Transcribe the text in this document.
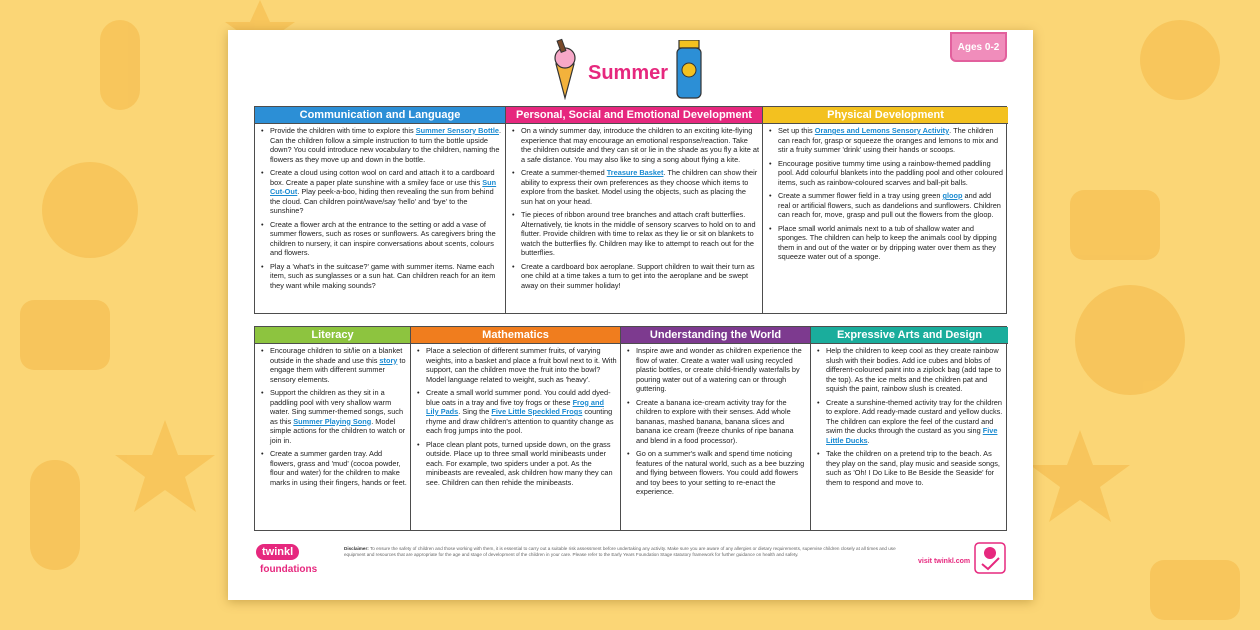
Ages 0-2
Summer
Communication and Language
• Provide the children with time to explore this Summer Sensory Bottle. Can the children follow a simple instruction to turn the bottle upside down? You could introduce new vocabulary to the children, naming the flowers as they move up and down in the bottle.
• Create a cloud using cotton wool on card and attach it to a cardboard box. Create a paper plate sunshine with a smiley face or use this Sun Cut-Out. Play peek-a-boo, hiding then revealing the sun from behind the cloud. Can children point/wave/say 'hello' and 'bye' to the sunshine?
• Create a flower arch at the entrance to the setting or add a vase of summer flowers, such as roses or sunflowers. As caregivers bring the children to nursery, it can inspire conversations about scents, colours and flowers.
• Play a 'what's in the suitcase?' game with summer items. Name each item, such as sunglasses or a sun hat. Can children reach for an item they want while making sounds?
Personal, Social and Emotional Development
• On a windy summer day, introduce the children to an exciting kite-flying experience that may encourage an emotional response/reaction. Take the children outside and they can sit or lie in the shade as you fly a kite at a safe distance. You may also like to sing a song about flying a kite.
• Create a summer-themed Treasure Basket. The children can show their ability to express their own preferences as they choose which items to explore from the basket. Model using the objects, such as placing the sun hat on your head.
• Tie pieces of ribbon around tree branches and attach craft butterflies. Alternatively, tie knots in the middle of sensory scarves to hold on to and flutter. Provide children with time to relax as they lie or sit on blankets to watch the butterflies fly. Children may like to attempt to reach out for the butterflies.
• Create a cardboard box aeroplane. Support children to wait their turn as one child at a time takes a turn to get into the aeroplane and be swept away on their summer holiday!
Physical Development
• Set up this Oranges and Lemons Sensory Activity. The children can reach for, grasp or squeeze the oranges and lemons to mix and stir a fruity summer 'drink' using their hands or scoops.
• Encourage positive tummy time using a rainbow-themed paddling pool. Add colourful blankets into the paddling pool and other coloured items, such as rainbow-coloured scarves and ball-pit balls.
• Create a summer flower field in a tray using green gloop and add real or artificial flowers, such as dandelions and sunflowers. Children can reach for, move, grasp and pull out the flowers from the gloop.
• Place small world animals next to a tub of shallow water and sponges. The children can help to keep the animals cool by dipping them in and out of the water or by dripping water over them as they squeeze water out of a sponge.
Literacy
• Encourage children to sit/lie on a blanket outside in the shade and use this story to engage them with different summer sensory elements.
• Support the children as they sit in a paddling pool with very shallow warm water. Sing summer-themed songs, such as this Summer Playing Song. Model simple actions for the children to watch or join in.
• Create a summer garden tray. Add flowers, grass and 'mud' (cocoa powder, flour and water) for the children to make marks in using their fingers, hands or feet.
Mathematics
• Place a selection of different summer fruits, of varying weights, into a basket and place a fruit bowl next to it. With support, can the children move the fruit into the bowl? Model language related to weight, such as 'heavy'.
• Create a small world summer pond. You could add dyed-blue oats in a tray and five toy frogs or these Frog and Lily Pads. Sing the Five Little Speckled Frogs counting rhyme and draw children's attention to quantity change as each frog jumps into the pool.
• Place clean plant pots, turned upside down, on the grass outside. Place up to three small world minibeasts under each. For example, two spiders under a pot. As the minibeasts are revealed, ask children how many they can see. Children can then rehide the minibeasts.
Understanding the World
• Inspire awe and wonder as children experience the flow of water. Create a water wall using recycled plastic bottles, or create child-friendly waterfalls by pouring water out of a watering can or through guttering.
• Create a banana ice-cream activity tray for the children to explore with their senses. Add whole bananas, mashed banana, banana slices and banana ice cream (freeze chunks of ripe banana and blend in a food processor).
• Go on a summer's walk and spend time noticing features of the natural world, such as a bee buzzing and flying between flowers. You could add flowers and toy bees to your setting to re-enact the experience.
Expressive Arts and Design
• Help the children to keep cool as they create rainbow slush with their bodies. Add ice cubes and blobs of different-coloured paint into a ziplock bag (add tape to the top). As the ice melts and the children pat and squish the paint, rainbow slush is created.
• Create a sunshine-themed activity tray for the children to explore. Add ready-made custard and yellow ducks. The children can explore the feel of the custard and swim the ducks through the custard as you sing Five Little Ducks.
• Take the children on a pretend trip to the beach. As they play on the sand, play music and seaside songs, such as 'Oh! I Do Like to Be Beside the Seaside' for them to respond and move to.
twinkl
foundations
Disclaimer: To ensure the safety of children and those working with them, it is essential to carry out a suitable risk assessment before undertaking any activity. Make sure you are aware of any allergies or dietary requirements, supervise children closely at all times and use equipment and resources that are appropriate for the age and stage of development of the children in your care. Please refer to the Early Years Foundation Stage statutory framework for further guidance on health and safety.
visit twinkl.com
